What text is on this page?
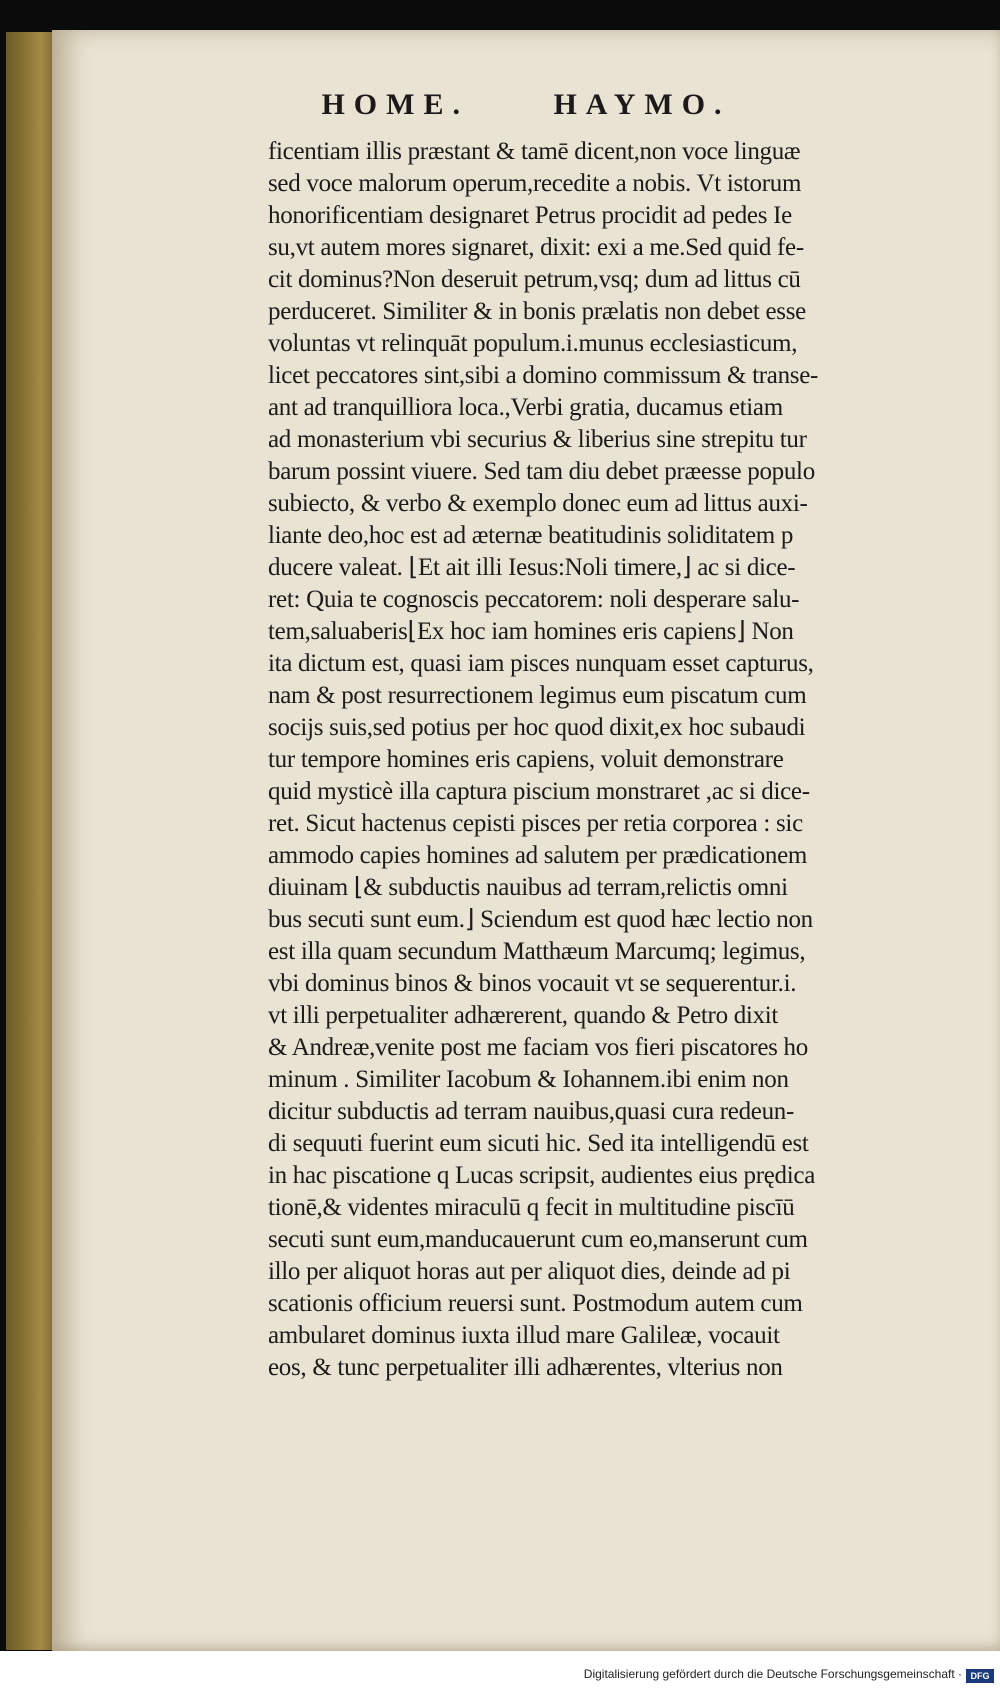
HOME.	HAYMO.
ficentiam illis præstant & tamē dicent,non voce linguæ
sed voce malorum operum,recedite a nobis. Vt istorum
honorificentiam designaret Petrus procidit ad pedes Ie
su,vt autem mores signaret, dixit: exi a me.Sed quid fe-
cit dominus?Non deseruit petrum,vsq; dum ad littus cū
perduceret. Similiter & in bonis prælatis non debet esse
voluntas vt relinquāt populum.i.munus ecclesiasticum,
licet peccatores sint,sibi a domino commissum & transe-
ant ad tranquilliora loca.,Verbi gratia, ducamus etiam
ad monasterium vbi securius & liberius sine strepitu tur
barum possint viuere. Sed tam diu debet præesse populo
subiecto, & verbo & exemplo donec eum ad littus auxi-
liante deo,hoc est ad æternæ beatitudinis soliditatem p
ducere valeat. ⌊Et ait illi Iesus:Noli timere,⌋ ac si dice-
ret: Quia te cognoscis peccatorem: noli desperare salu-
tem,saluaberis⌊Ex hoc iam homines eris capiens⌋ Non
ita dictum est, quasi iam pisces nunquam esset capturus,
nam & post resurrectionem legimus eum piscatum cum
socijs suis,sed potius per hoc quod dixit,ex hoc subaudi
tur tempore homines eris capiens, voluit demonstrare
quid mysticè illa captura piscium monstraret ,ac si dice-
ret. Sicut hactenus cepisti pisces per retia corporea : sic
ammodo capies homines ad salutem per prædicationem
diuinam ⌊& subductis nauibus ad terram,relictis omni
bus secuti sunt eum.⌋ Sciendum est quod hæc lectio non
est illa quam secundum Matthæum Marcumq; legimus,
vbi dominus binos & binos vocauit vt se sequerentur.i.
vt illi perpetualiter adhærerent, quando & Petro dixit
& Andreæ,venite post me faciam vos fieri piscatores ho
minum . Similiter Iacobum & Iohannem.ibi enim non
dicitur subductis ad terram nauibus,quasi cura redeun-
di sequuti fuerint eum sicuti hic. Sed ita intelligendū est
in hac piscatione q Lucas scripsit, audientes eius prędica
tionē,& videntes miraculū q fecit in multitudine piscīū
secuti sunt eum,manducauerunt cum eo,manserunt cum
illo per aliquot horas aut per aliquot dies, deinde ad pi
scationis officium reuersi sunt. Postmodum autem cum
ambularet dominus iuxta illud mare Galileæ, vocauit
eos, & tunc perpetualiter illi adhærentes, vlterius non
Digitalisierung gefördert durch die Deutsche Forschungsgemeinschaft · DFG
